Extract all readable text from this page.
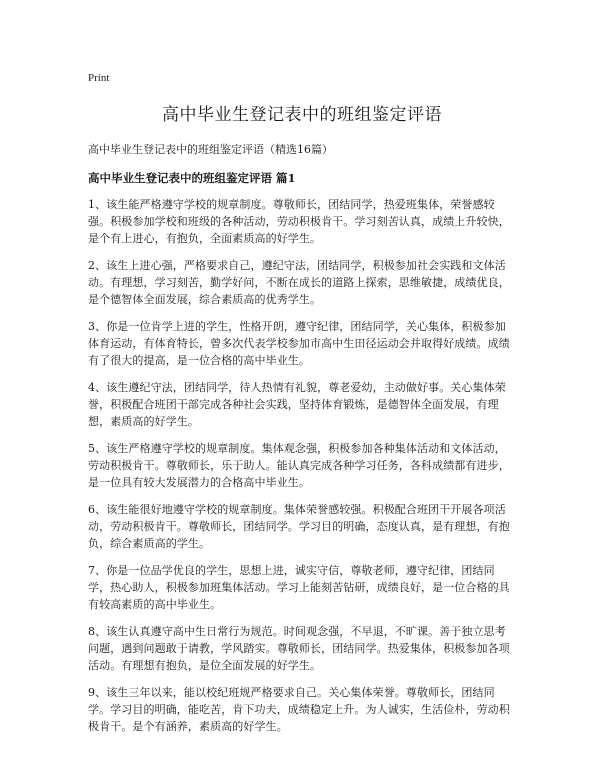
Print
高中毕业生登记表中的班组鉴定评语

高中毕业生登记表中的班组鉴定评语（精选16篇）

高中毕业生登记表中的班组鉴定评语 篇1

1、该生能严格遵守学校的规章制度。尊敬师长，团结同学，热爱班集体，荣誉感较强。积极参加学校和班级的各种活动，劳动积极肯干。学习刻苦认真，成绩上升较快，是个有上进心，有抱负，全面素质高的好学生。

2、该生上进心强，严格要求自己，遵纪守法，团结同学，积极参加社会实践和文体活动。有理想，学习刻苦，勤学好问，不断在成长的道路上探索，思维敏捷，成绩优良，是个德智体全面发展，综合素质高的优秀学生。

3、你是一位肯学上进的学生，性格开朗，遵守纪律，团结同学，关心集体，积极参加体育运动，有体育特长，曾多次代表学校参加市高中生田径运动会并取得好成绩。成绩有了很大的提高，是一位合格的高中毕业生。

4、该生遵纪守法，团结同学，待人热情有礼貌，尊老爱幼，主动做好事。关心集体荣誉，积极配合班团干部完成各种社会实践，坚持体育锻炼，是德智体全面发展，有理想，素质高的好学生。

5、该生严格遵守学校的规章制度。集体观念强，积极参加各种集体活动和文体活动，劳动积极肯干。尊敬师长，乐于助人。能认真完成各种学习任务，各科成绩都有进步，是一位具有较大发展潜力的合格高中毕业生。

6、该生能很好地遵守学校的规章制度。集体荣誉感较强。积极配合班团干开展各项活动，劳动积极肯干。尊敬师长，团结同学。学习目的明确，态度认真，是有理想，有抱负，综合素质高的学生。

7、你是一位品学优良的学生，思想上进，诚实守信，尊敬老师，遵守纪律，团结同学，热心助人，积极参加班集体活动。学习上能刻苦钻研，成绩良好，是一位合格的具有较高素质的高中毕业生。

8、该生认真遵守高中生日常行为规范。时间观念强，不早退，不旷课。善于独立思考问题，遇到问题敢于请教，学风踏实。尊敬师长，团结同学。热爱集体，积极参加各项活动。有理想有抱负，是位全面发展的好学生。

9、该生三年以来，能以校纪班规严格要求自己。关心集体荣誉。尊敬师长，团结同学。学习目的明确，能吃苦，肯下功夫，成绩稳定上升。为人诚实，生活俭朴，劳动积极肯干。是个有涵养，素质高的好学生。
